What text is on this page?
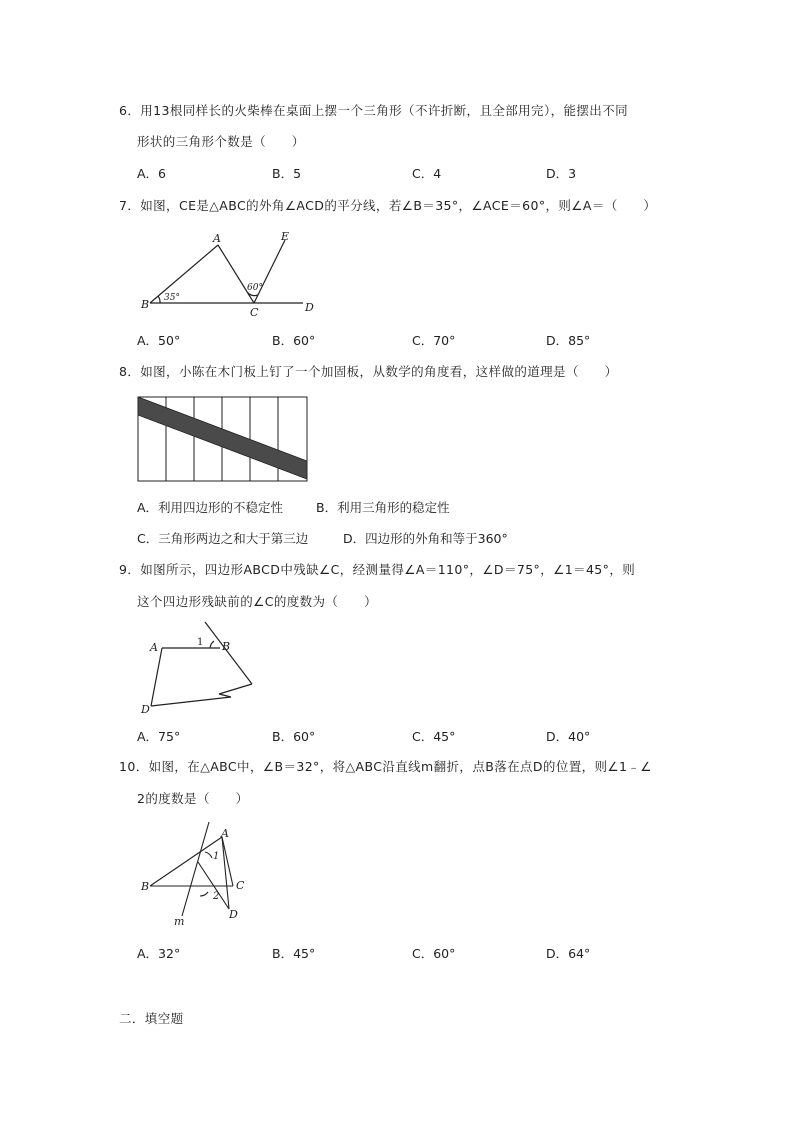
6．用13根同样长的火柴棒在桌面上摆一个三角形（不许折断，且全部用完），能摆出不同
形状的三角形个数是（　　）
A．6	B．5	C．4	D．3
7．如图，CE是△ABC的外角∠ACD的平分线，若∠B＝35°，∠ACE＝60°，则∠A＝（　　）
A
B
C	D
E
35°
60°
A．50°	B．60°	C．70°	D．85°
8．如图，小陈在木门板上钉了一个加固板，从数学的角度看，这样做的道理是（　　）
A．利用四边形的不稳定性	B．利用三角形的稳定性
C．三角形两边之和大于第三边	D．四边形的外角和等于360°
9．如图所示，四边形ABCD中残缺∠C，经测量得∠A＝110°，∠D＝75°，∠1＝45°，则
这个四边形残缺前的∠C的度数为（　　）
A	B
D
1
A．75°	B．60°	C．45°	D．40°
10．如图，在△ABC中，∠B＝32°，将△ABC沿直线m翻折，点B落在点D的位置，则∠1﹣∠
2的度数是（　　）
A
B	C
D
m
1
2
A．32°	B．45°	C．60°	D．64°
二．填空题
